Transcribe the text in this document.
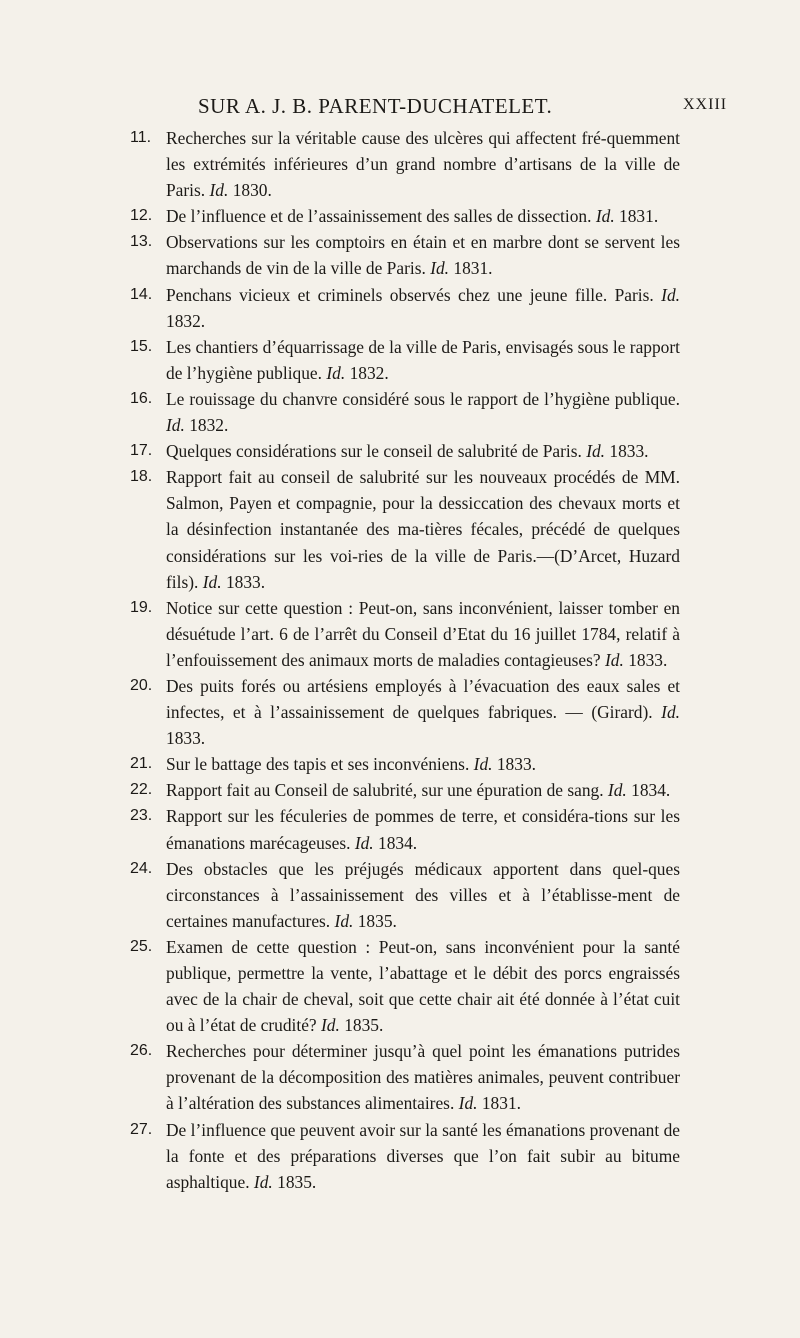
SUR A. J. B. PARENT-DUCHATELET.	XXIII
11. Recherches sur la véritable cause des ulcères qui affectent fré-quemment les extrémités inférieures d’un grand nombre d’artisans de la ville de Paris. Id. 1830.
12. De l’influence et de l’assainissement des salles de dissection. Id. 1831.
13. Observations sur les comptoirs en étain et en marbre dont se servent les marchands de vin de la ville de Paris. Id. 1831.
14. Penchans vicieux et criminels observés chez une jeune fille. Paris. Id. 1832.
15. Les chantiers d’équarrissage de la ville de Paris, envisagés sous le rapport de l’hygiène publique. Id. 1832.
16. Le rouissage du chanvre considéré sous le rapport de l’hygiène publique. Id. 1832.
17. Quelques considérations sur le conseil de salubrité de Paris. Id. 1833.
18. Rapport fait au conseil de salubrité sur les nouveaux procédés de MM. Salmon, Payen et compagnie, pour la dessiccation des chevaux morts et la désinfection instantanée des ma-tières fécales, précédé de quelques considérations sur les voi-ries de la ville de Paris.—(D’Arcet, Huzard fils). Id. 1833.
19. Notice sur cette question : Peut-on, sans inconvénient, laisser tomber en désuétude l’art. 6 de l’arrêt du Conseil d’Etat du 16 juillet 1784, relatif à l’enfouissement des animaux morts de maladies contagieuses? Id. 1833.
20. Des puits forés ou artésiens employés à l’évacuation des eaux sales et infectes, et à l’assainissement de quelques fabriques. — (Girard). Id. 1833.
21. Sur le battage des tapis et ses inconvéniens. Id. 1833.
22. Rapport fait au Conseil de salubrité, sur une épuration de sang. Id. 1834.
23. Rapport sur les féculeries de pommes de terre, et considéra-tions sur les émanations marécageuses. Id. 1834.
24. Des obstacles que les préjugés médicaux apportent dans quel-ques circonstances à l’assainissement des villes et à l’établisse-ment de certaines manufactures. Id. 1835.
25. Examen de cette question : Peut-on, sans inconvénient pour la santé publique, permettre la vente, l’abattage et le débit des porcs engraissés avec de la chair de cheval, soit que cette chair ait été donnée à l’état cuit ou à l’état de crudité? Id. 1835.
26. Recherches pour déterminer jusqu’à quel point les émanations putrides provenant de la décomposition des matières animales, peuvent contribuer à l’altération des substances alimentaires. Id. 1831.
27. De l’influence que peuvent avoir sur la santé les émanations provenant de la fonte et des préparations diverses que l’on fait subir au bitume asphaltique. Id. 1835.
